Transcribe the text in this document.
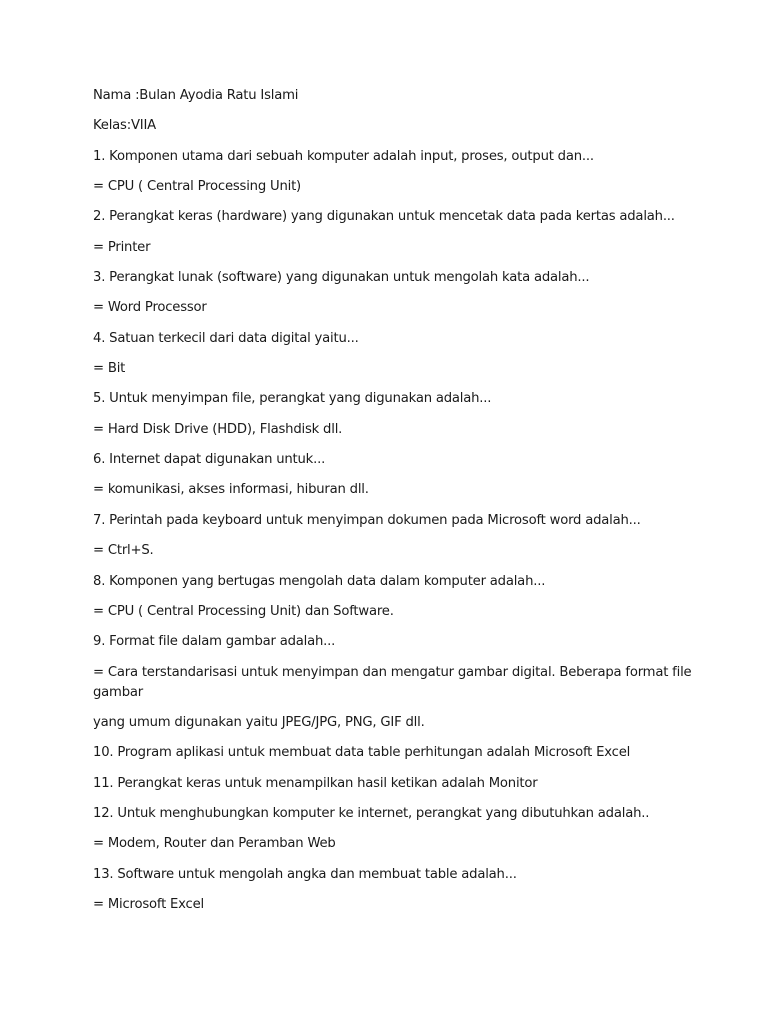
Nama :Bulan Ayodia Ratu Islami
Kelas:VIIA
1. Komponen utama dari sebuah komputer adalah input, proses, output dan...
= CPU ( Central Processing Unit)
2. Perangkat keras (hardware) yang digunakan untuk mencetak data pada kertas adalah...
= Printer
3. Perangkat lunak (software) yang digunakan untuk mengolah kata adalah...
= Word Processor
4. Satuan terkecil dari data digital yaitu...
= Bit
5. Untuk menyimpan file, perangkat yang digunakan adalah...
= Hard Disk Drive (HDD), Flashdisk dll.
6. Internet dapat digunakan untuk...
= komunikasi, akses informasi, hiburan dll.
7. Perintah pada keyboard untuk menyimpan dokumen pada Microsoft word adalah...
= Ctrl+S.
8. Komponen yang bertugas mengolah data dalam komputer adalah...
= CPU ( Central Processing Unit) dan Software.
9. Format file dalam gambar adalah...
= Cara terstandarisasi untuk menyimpan dan mengatur gambar digital. Beberapa format file
gambar
yang umum digunakan yaitu JPEG/JPG, PNG, GIF dll.
10. Program aplikasi untuk membuat data table perhitungan adalah Microsoft Excel
11. Perangkat keras untuk menampilkan hasil ketikan adalah Monitor
12. Untuk menghubungkan komputer ke internet, perangkat yang dibutuhkan adalah..
= Modem, Router dan Peramban Web
13. Software untuk mengolah angka dan membuat table adalah...
= Microsoft Excel
